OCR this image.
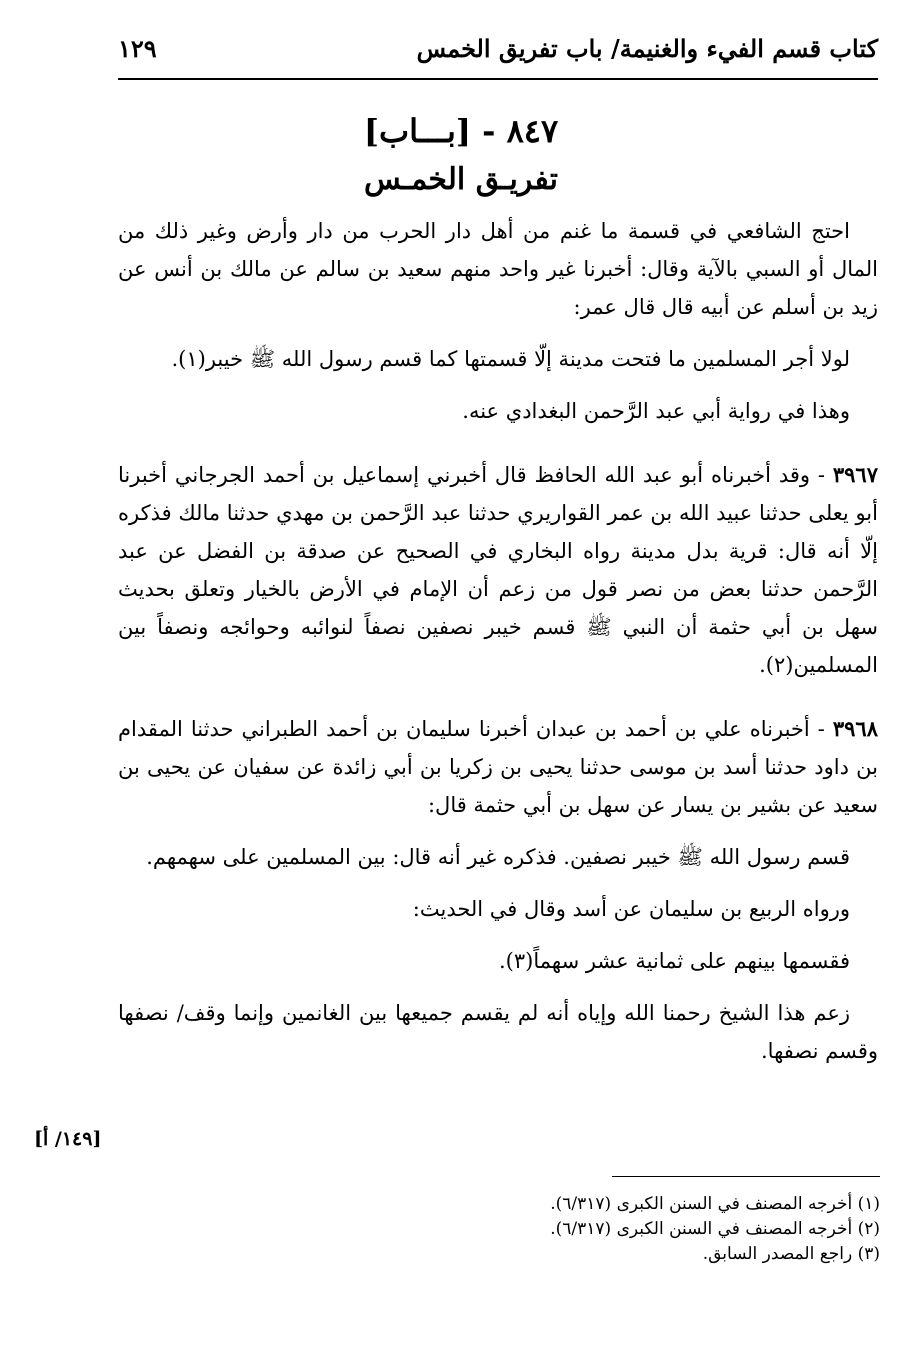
كتاب قسم الفيء والغنيمة/ باب تفريق الخمس
١٢٩
٨٤٧ - [بـــاب]
تفريـق الخمـس

احتج الشافعي في قسمة ما غنم من أهل دار الحرب من دار وأرض وغير ذلك من المال أو السبي بالآية وقال: أخبرنا غير واحد منهم سعيد بن سالم عن مالك بن أنس عن زيد بن أسلم عن أبيه قال قال عمر:

لولا أجر المسلمين ما فتحت مدينة إلّا قسمتها كما قسم رسول الله ﷺ خيبر(١).

وهذا في رواية أبي عبد الرَّحمن البغدادي عنه.

٣٩٦٧ - وقد أخبرناه أبو عبد الله الحافظ قال أخبرني إسماعيل بن أحمد الجرجاني أخبرنا أبو يعلى حدثنا عبيد الله بن عمر القواريري حدثنا عبد الرَّحمن بن مهدي حدثنا مالك فذكره إلّا أنه قال: قرية بدل مدينة رواه البخاري في الصحيح عن صدقة بن الفضل عن عبد الرَّحمن حدثنا بعض من نصر قول من زعم أن الإمام في الأرض بالخيار وتعلق بحديث سهل بن أبي حثمة أن النبي ﷺ قسم خيبر نصفين نصفاً لنوائبه وحوائجه ونصفاً بين المسلمين(٢).

٣٩٦٨ - أخبرناه علي بن أحمد بن عبدان أخبرنا سليمان بن أحمد الطبراني حدثنا المقدام بن داود حدثنا أسد بن موسى حدثنا يحيى بن زكريا بن أبي زائدة عن سفيان عن يحيى بن سعيد عن بشير بن يسار عن سهل بن أبي حثمة قال:

قسم رسول الله ﷺ خيبر نصفين. فذكره غير أنه قال: بين المسلمين على سهمهم.

ورواه الربيع بن سليمان عن أسد وقال في الحديث:

فقسمها بينهم على ثمانية عشر سهماً(٣).

زعم هذا الشيخ رحمنا الله وإياه أنه لم يقسم جميعها بين الغانمين وإنما وقف/ نصفها وقسم نصفها.

[١٤٩/ أ]
(١) أخرجه المصنف في السنن الكبرى (٦/٣١٧).
(٢) أخرجه المصنف في السنن الكبرى (٦/٣١٧).
(٣) راجع المصدر السابق.
